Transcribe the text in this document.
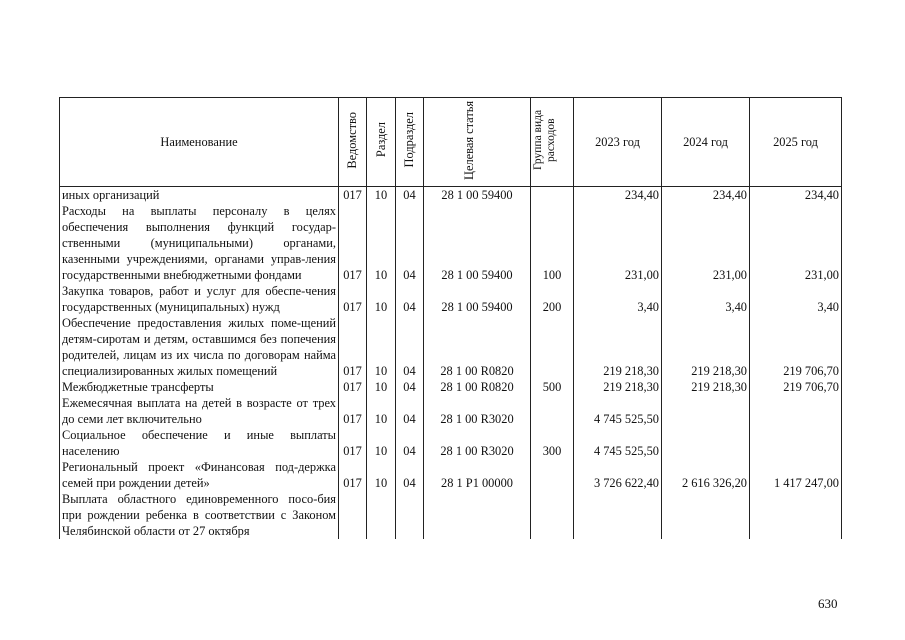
Наименование	Ведомство	Раздел	Подраздел	Целевая статья	Группа вида расходов	2023 год	2024 год	2025 год
иных организаций	017	10	04	28 1 00 59400		234,40	234,40	234,40
Расходы на выплаты персоналу в целях обеспечения выполнения функций государ-ственными (муниципальными) органами, казенными учреждениями, органами управ-ления государственными внебюджетными фондами	017	10	04	28 1 00 59400	100	231,00	231,00	231,00
Закупка товаров, работ и услуг для обеспе-чения государственных (муниципальных) нужд	017	10	04	28 1 00 59400	200	3,40	3,40	3,40
Обеспечение предоставления жилых поме-щений детям-сиротам и детям, оставшимся без попечения родителей, лицам из их числа по договорам найма специализированных жилых помещений	017	10	04	28 1 00 R0820		219 218,30	219 218,30	219 706,70
Межбюджетные трансферты	017	10	04	28 1 00 R0820	500	219 218,30	219 218,30	219 706,70
Ежемесячная выплата на детей в возрасте от трех до семи лет включительно	017	10	04	28 1 00 R3020		4 745 525,50		
Социальное обеспечение и иные выплаты населению	017	10	04	28 1 00 R3020	300	4 745 525,50		
Региональный проект «Финансовая под-держка семей при рождении детей»	017	10	04	28 1 Р1 00000		3 726 622,40	2 616 326,20	1 417 247,00
Выплата областного единовременного посо-бия при рождении ребенка в соответствии с Законом Челябинской области от 27 октября								
630
